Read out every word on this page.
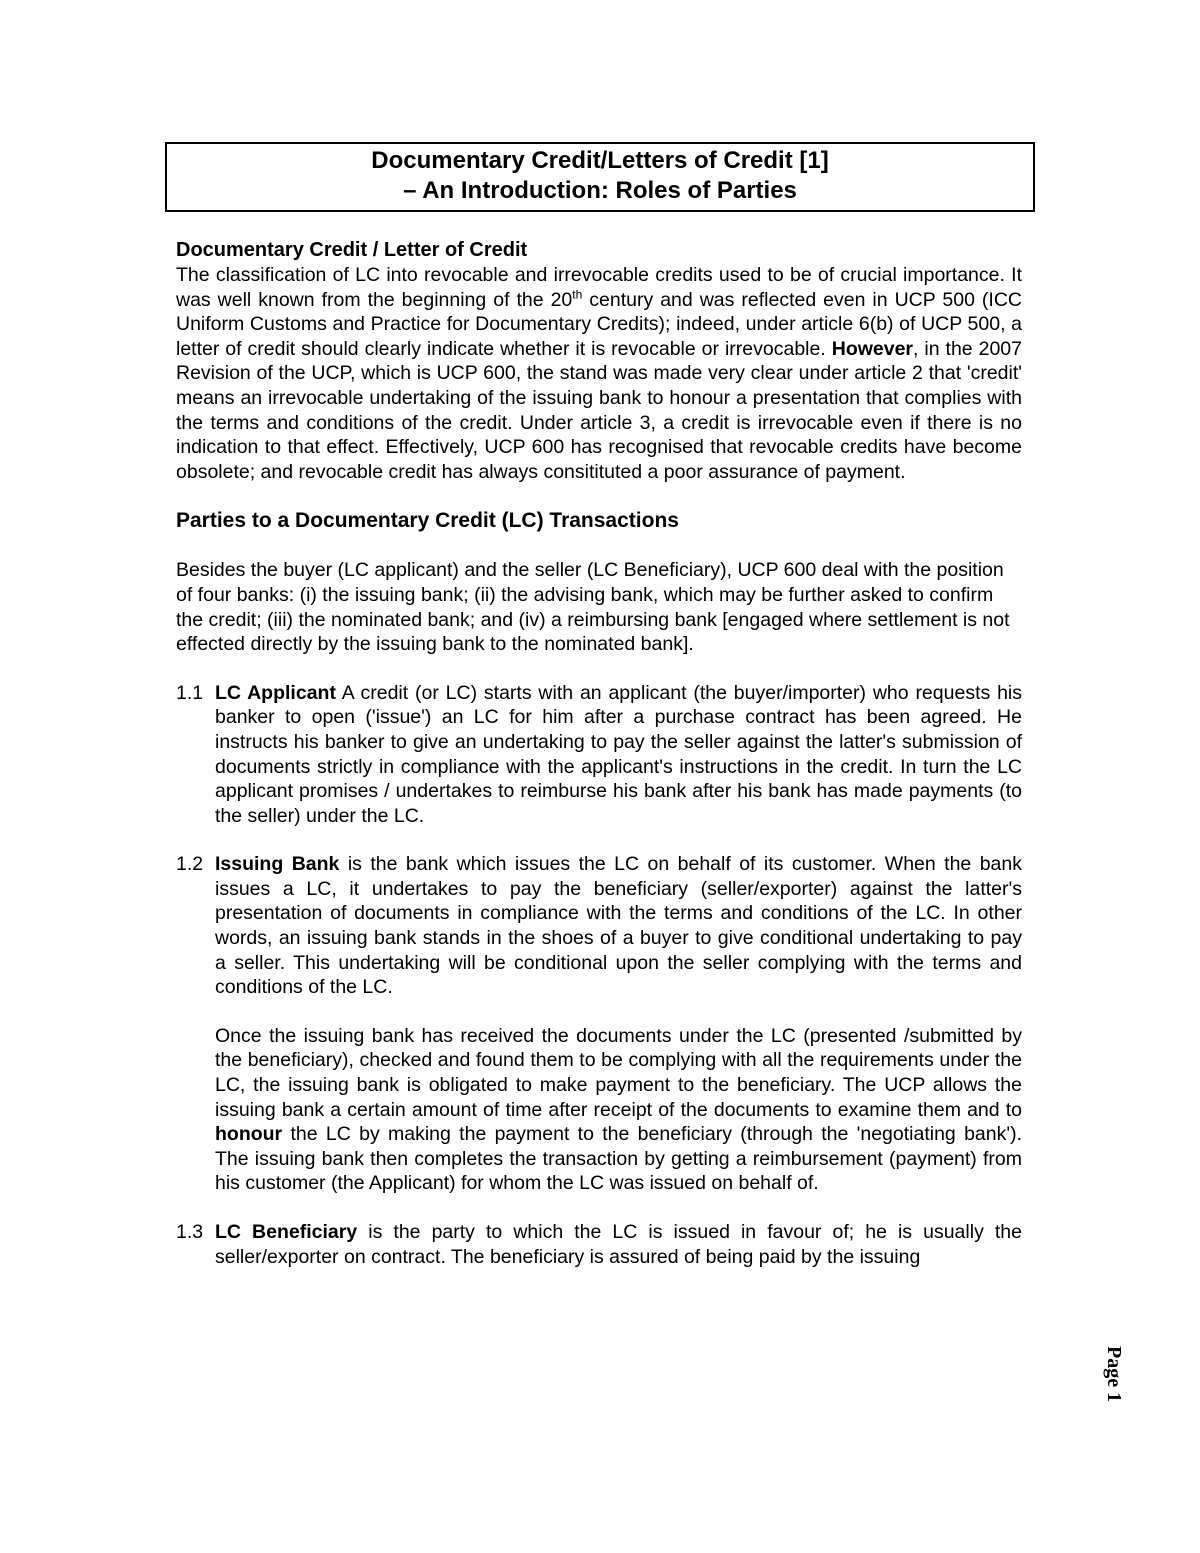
Documentary Credit/Letters of Credit [1]
– An Introduction: Roles of Parties
Documentary Credit / Letter of Credit

The classification of LC into revocable and irrevocable credits used to be of crucial importance. It was well known from the beginning of the 20th century and was reflected even in UCP 500 (ICC Uniform Customs and Practice for Documentary Credits); indeed, under article 6(b) of UCP 500, a letter of credit should clearly indicate whether it is revocable or irrevocable. However, in the 2007 Revision of the UCP, which is UCP 600, the stand was made very clear under article 2 that 'credit' means an irrevocable undertaking of the issuing bank to honour a presentation that complies with the terms and conditions of the credit. Under article 3, a credit is irrevocable even if there is no indication to that effect. Effectively, UCP 600 has recognised that revocable credits have become obsolete; and revocable credit has always consitituted a poor assurance of payment.

Parties to a Documentary Credit (LC) Transactions

Besides the buyer (LC applicant) and the seller (LC Beneficiary), UCP 600 deal with the position of four banks: (i) the issuing bank; (ii) the advising bank, which may be further asked to confirm the credit; (iii) the nominated bank; and (iv) a reimbursing bank [engaged where settlement is not effected directly by the issuing bank to the nominated bank].

1.1 LC Applicant A credit (or LC) starts with an applicant (the buyer/importer) who requests his banker to open ('issue') an LC for him after a purchase contract has been agreed. He instructs his banker to give an undertaking to pay the seller against the latter's submission of documents strictly in compliance with the applicant's instructions in the credit. In turn the LC applicant promises / undertakes to reimburse his bank after his bank has made payments (to the seller) under the LC.

1.2 Issuing Bank is the bank which issues the LC on behalf of its customer. When the bank issues a LC, it undertakes to pay the beneficiary (seller/exporter) against the latter's presentation of documents in compliance with the terms and conditions of the LC. In other words, an issuing bank stands in the shoes of a buyer to give conditional undertaking to pay a seller. This undertaking will be conditional upon the seller complying with the terms and conditions of the LC.

Once the issuing bank has received the documents under the LC (presented /submitted by the beneficiary), checked and found them to be complying with all the requirements under the LC, the issuing bank is obligated to make payment to the beneficiary. The UCP allows the issuing bank a certain amount of time after receipt of the documents to examine them and to honour the LC by making the payment to the beneficiary (through the 'negotiating bank'). The issuing bank then completes the transaction by getting a reimbursement (payment) from his customer (the Applicant) for whom the LC was issued on behalf of.

1.3 LC Beneficiary is the party to which the LC is issued in favour of; he is usually the seller/exporter on contract. The beneficiary is assured of being paid by the issuing

Page 1
